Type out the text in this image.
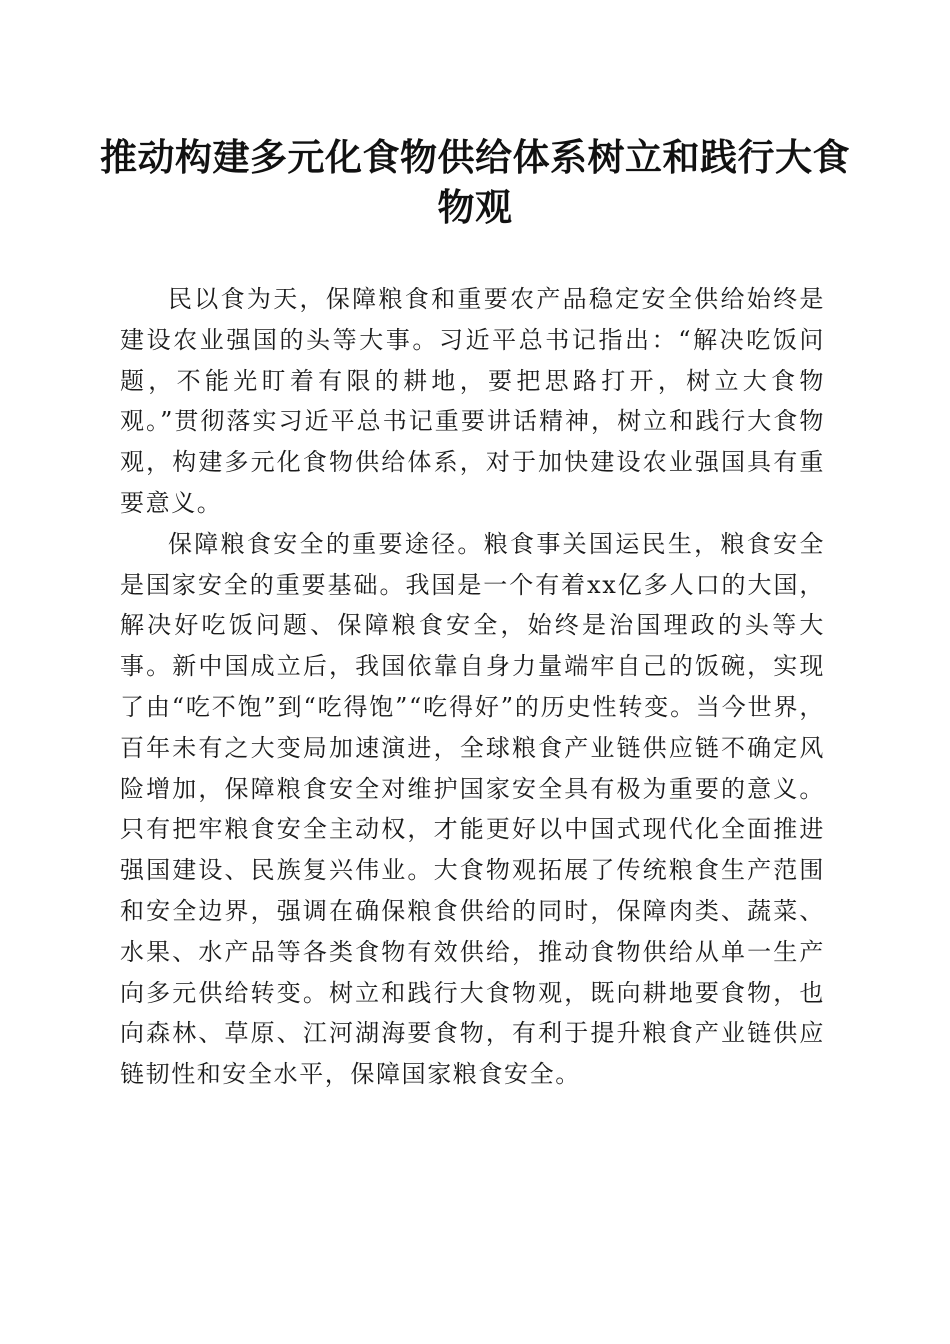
推动构建多元化食物供给体系树立和践行大食物观

民以食为天，保障粮食和重要农产品稳定安全供给始终是建设农业强国的头等大事。习近平总书记指出：“解决吃饭问题，不能光盯着有限的耕地，要把思路打开，树立大食物观。”贯彻落实习近平总书记重要讲话精神，树立和践行大食物观，构建多元化食物供给体系，对于加快建设农业强国具有重要意义。

保障粮食安全的重要途径。粮食事关国运民生，粮食安全是国家安全的重要基础。我国是一个有着xx亿多人口的大国，解决好吃饭问题、保障粮食安全，始终是治国理政的头等大事。新中国成立后，我国依靠自身力量端牢自己的饭碗，实现了由“吃不饱”到“吃得饱”“吃得好”的历史性转变。当今世界，百年未有之大变局加速演进，全球粮食产业链供应链不确定风险增加，保障粮食安全对维护国家安全具有极为重要的意义。只有把牢粮食安全主动权，才能更好以中国式现代化全面推进强国建设、民族复兴伟业。大食物观拓展了传统粮食生产范围和安全边界，强调在确保粮食供给的同时，保障肉类、蔬菜、水果、水产品等各类食物有效供给，推动食物供给从单一生产向多元供给转变。树立和践行大食物观，既向耕地要食物，也向森林、草原、江河湖海要食物，有利于提升粮食产业链供应链韧性和安全水平，保障国家粮食安全。
